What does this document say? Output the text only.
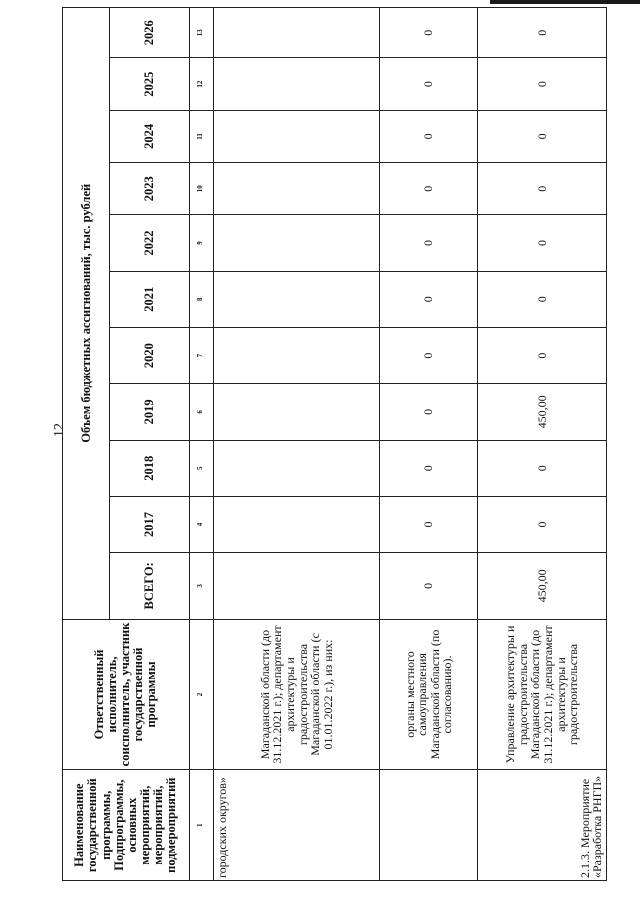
12
Наименование государственной программы, Подпрограммы, основных мероприятий, мероприятий, подмероприятий	Ответственный исполнитель, соисполнитель, участник государственной программы	Объем бюджетных ассигнований, тыс. рублей										
		ВСЕГО:	2017	2018	2019	2020	2021	2022	2023	2024	2025	2026
1	2	3	4	5	6	7	8	9	10	11	12	13
городских округов»	Магаданской области (до 31.12.2021 г.); департамент архитектуры и градостроительства Магаданской области (с 01.01.2022 г.), из них:											
	органы местного самоуправления Магаданской области (по согласованию).	0	0	0	0	0	0	0	0	0	0	0
2.1.3. Мероприятие «Разработка РНГП»	Управление архитектуры и градостроительства Магаданской области (до 31.12.2021 г.); департамент архитектуры и градостроительства	450,00	0	0	450,00	0	0	0	0	0	0	0
